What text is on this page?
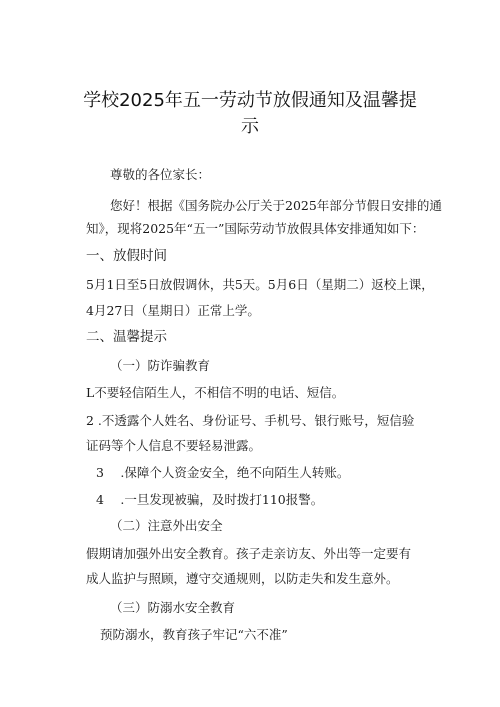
学校2025年五一劳动节放假通知及温馨提
示
尊敬的各位家长：
您好！根据《国务院办公厅关于2025年部分节假日安排的通
知》，现将2025年“五一”国际劳动节放假具体安排通知如下：
一、放假时间
5月1日至5日放假调休，共5天。5月6日（星期二）返校上课，
4月27日（星期日）正常上学。
二、温馨提示
（一）防诈骗教育
L不要轻信陌生人，不相信不明的电话、短信。
2 .不透露个人姓名、身份证号、手机号、银行账号，短信验
证码等个人信息不要轻易泄露。
3　 .保障个人资金安全，绝不向陌生人转账。
4　 .一旦发现被骗，及时拨打110报警。
（二）注意外出安全
假期请加强外出安全教育。孩子走亲访友、外出等一定要有
成人监护与照顾，遵守交通规则，以防走失和发生意外。
（三）防溺水安全教育
预防溺水，教育孩子牢记“六不准”
